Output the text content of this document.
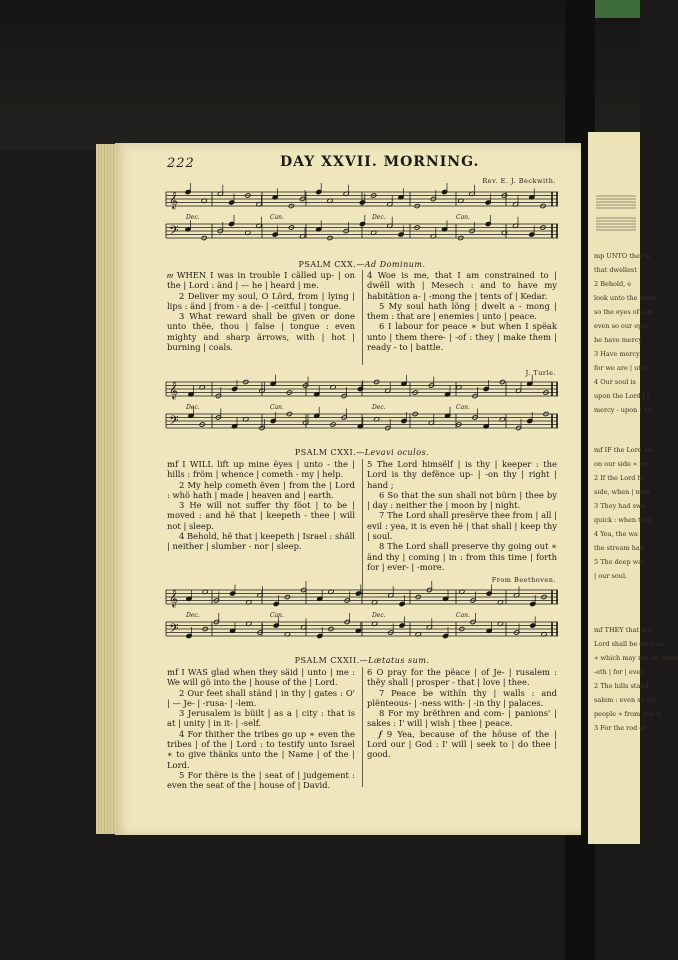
mp UNTO thee li
that dwellest
2 Behold, e
look unto the hand
so the eyes of a m
even so our eyes
he have mercy
3 Have mercy
for we are | utte
4 Our soul is
upon the Lord | i
mercy - upon | us
mf IF the Lord ha
on our side ∗ no
2 If the Lord hi
side, when | men
3 They had swa
quick : when they
4 Yea, the wa
the stream had
5 The deep wat
| our soul.
mf THEY that put
Lord shall be even as
∗ which may not be remo
-eth | for | ever.
2 The hills stand
salem : even so sta
people ∗ from this ti
3 For the rod of
222	DAY XXVII. MORNING.
Rev. E. J. Beckwith.
𝄞
𝄢
Dec.	Can.	Dec.	Can.
PSALM CXX.—Ad Dominum.

𝆐 WHEN I was in trouble I cälled up- | on the | Lord : änd | — he | heard | me.

2 Deliver my soul, O Lörd, from | lying | lips : änd | from - a de- | -ceitful | tongue.

3 What reward shall be given or done unto thëe, thou | false | tongue : even mighty and sharp ärrows, with | hot | burning | coals.

4 Woe is me, that I am constrained to | dwëll with | Mesech : and to have my habitätion a- | -mong the | tents of | Kedar.

5 My soul hath löng | dwelt a - mong | them : that are | enemies | unto | peace.

6 I labour for peace ∗ but when I spëak unto | them there- | -of : they | make them | ready - to | battle.

J. Turle.
𝄞
𝄢
Dec.	Can.	Dec.	Can.
PSALM CXXI.—Levavi oculos.

mf I WILL lift up mine ëyes | unto - the | hills : fröm | whence | cometh - my | help.

2 My help cometh ëven | from the | Lord : whö hath | made | heaven and | earth.

3 He will not suffer thy föot | to be | moved : and hë that | keepeth - thee | will not | sleep.

4 Behold, hë that | keepeth | Israel : shäll | neither | slumber - nor | sleep.

5 The Lord himsëlf | is thy | keeper : the Lord is thy defënce up- | -on thy | right | hand ;

6 So that the sun shall not bürn | thee by | day : neither the | moon by | night.

7 The Lord shall presërve thee from | all | evil : yea, it is even hë | that shall | keep thy | soul.

8 The Lord shall preserve thy going out ∗ änd thy | coming | in : from this time | forth for | ever- | -more.

From Beethoven.
𝄞
𝄢
Dec.	Can.	Dec.	Can.
PSALM CXXII.—Lætatus sum.

mf I WAS glad when they säid | unto | me : We will gö into the | house of the | Lord.

2 Our feet shall ständ | in thy | gates : O' | — Je- | -rusa- | -lem.

3 Jerusalem is büilt | as a | city : that is at | unity | in it- | -self.

4 For thither the tribes go up ∗ even the tribes | of the | Lord : to testify unto Israel ∗ to give thänks unto the | Name | of the | Lord.

5 For thëre is the | seat of | judgement : even the seat of the | house of | David.

6 O pray for the pëace | of Je- | rusalem : thëy shall | prosper - that | love | thee.

7 Peace be withïn thy | walls : and plënteous- | -ness with- | -in thy | palaces.

8 For my brëthren and com- | panions' | sakes : I' will | wish | thee | peace.

𝆑 9 Yea, because of the höuse of the | Lord our | God : I' will | seek to | do thee | good.
